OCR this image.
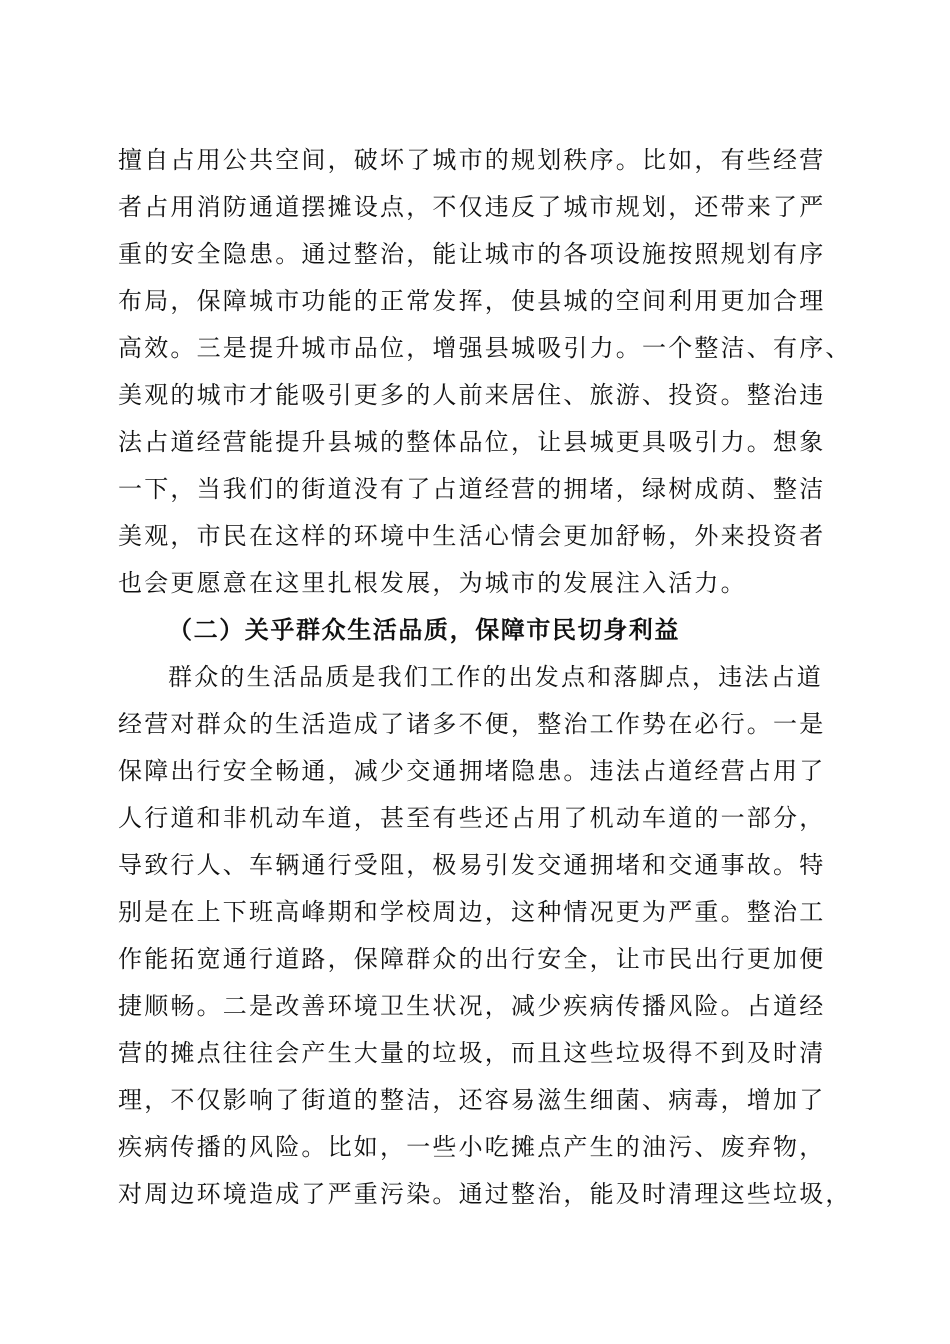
擅自占用公共空间，破坏了城市的规划秩序。比如，有些经营
者占用消防通道摆摊设点，不仅违反了城市规划，还带来了严
重的安全隐患。通过整治，能让城市的各项设施按照规划有序
布局，保障城市功能的正常发挥，使县城的空间利用更加合理
高效。三是提升城市品位，增强县城吸引力。一个整洁、有序、
美观的城市才能吸引更多的人前来居住、旅游、投资。整治违
法占道经营能提升县城的整体品位，让县城更具吸引力。想象
一下，当我们的街道没有了占道经营的拥堵，绿树成荫、整洁
美观，市民在这样的环境中生活心情会更加舒畅，外来投资者
也会更愿意在这里扎根发展，为城市的发展注入活力。
（二）关乎群众生活品质，保障市民切身利益
群众的生活品质是我们工作的出发点和落脚点，违法占道
经营对群众的生活造成了诸多不便，整治工作势在必行。一是
保障出行安全畅通，减少交通拥堵隐患。违法占道经营占用了
人行道和非机动车道，甚至有些还占用了机动车道的一部分，
导致行人、车辆通行受阻，极易引发交通拥堵和交通事故。特
别是在上下班高峰期和学校周边，这种情况更为严重。整治工
作能拓宽通行道路，保障群众的出行安全，让市民出行更加便
捷顺畅。二是改善环境卫生状况，减少疾病传播风险。占道经
营的摊点往往会产生大量的垃圾，而且这些垃圾得不到及时清
理，不仅影响了街道的整洁，还容易滋生细菌、病毒，增加了
疾病传播的风险。比如，一些小吃摊点产生的油污、废弃物，
对周边环境造成了严重污染。通过整治，能及时清理这些垃圾，
